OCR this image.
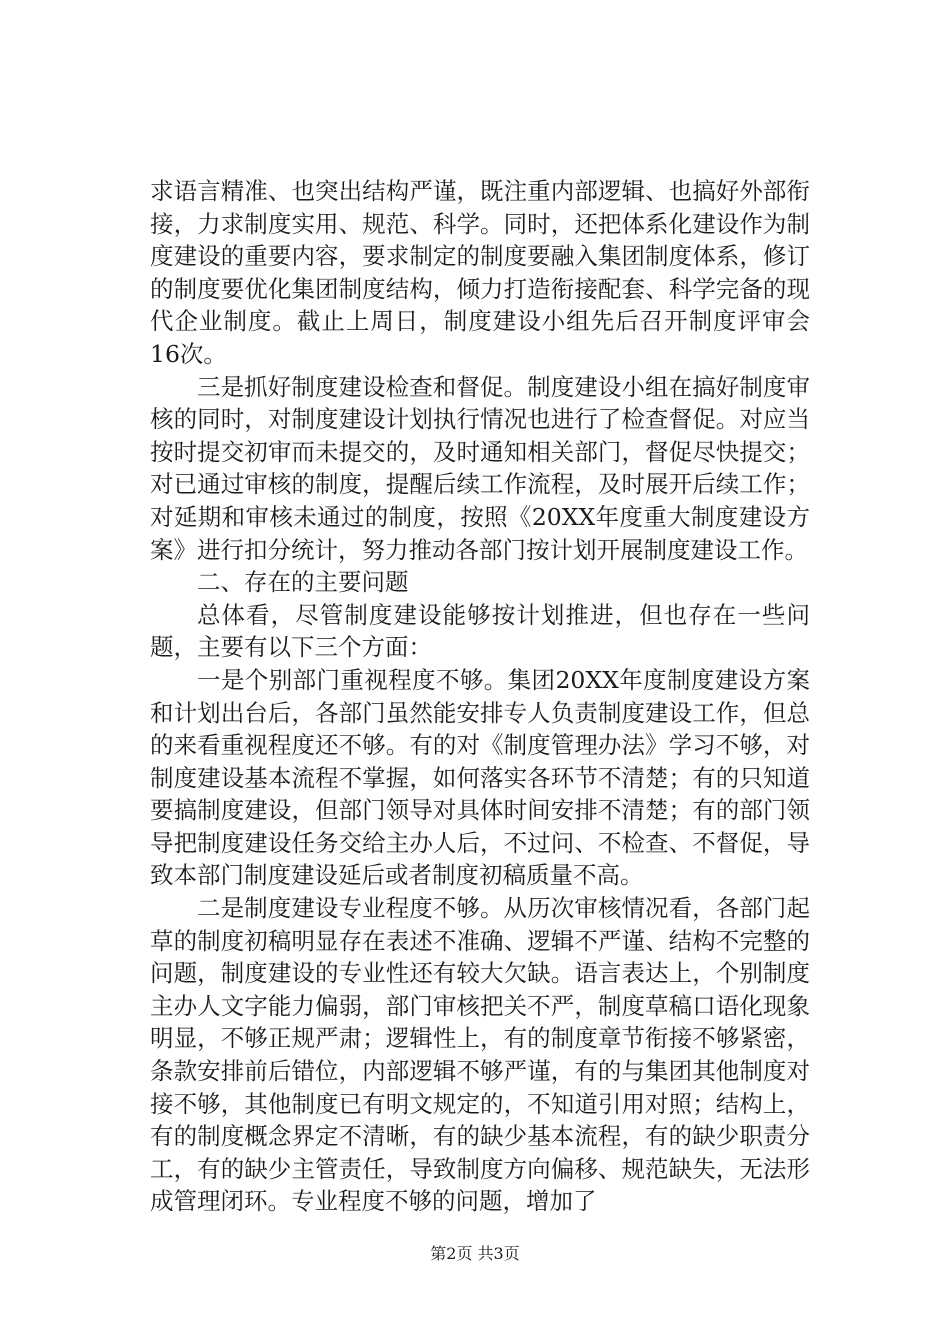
求语言精准、也突出结构严谨，既注重内部逻辑、也搞好外部衔接，力求制度实用、规范、科学。同时，还把体系化建设作为制度建设的重要内容，要求制定的制度要融入集团制度体系，修订的制度要优化集团制度结构，倾力打造衔接配套、科学完备的现代企业制度。截止上周日，制度建设小组先后召开制度评审会16次。

三是抓好制度建设检查和督促。制度建设小组在搞好制度审核的同时，对制度建设计划执行情况也进行了检查督促。对应当按时提交初审而未提交的，及时通知相关部门，督促尽快提交；对已通过审核的制度，提醒后续工作流程，及时展开后续工作；对延期和审核未通过的制度，按照《20XX年度重大制度建设方案》进行扣分统计，努力推动各部门按计划开展制度建设工作。

二、存在的主要问题

总体看，尽管制度建设能够按计划推进，但也存在一些问题，主要有以下三个方面：

一是个别部门重视程度不够。集团20XX年度制度建设方案和计划出台后，各部门虽然能安排专人负责制度建设工作，但总的来看重视程度还不够。有的对《制度管理办法》学习不够，对制度建设基本流程不掌握，如何落实各环节不清楚；有的只知道要搞制度建设，但部门领导对具体时间安排不清楚；有的部门领导把制度建设任务交给主办人后，不过问、不检查、不督促，导致本部门制度建设延后或者制度初稿质量不高。

二是制度建设专业程度不够。从历次审核情况看，各部门起草的制度初稿明显存在表述不准确、逻辑不严谨、结构不完整的问题，制度建设的专业性还有较大欠缺。语言表达上，个别制度主办人文字能力偏弱，部门审核把关不严，制度草稿口语化现象明显，不够正规严肃；逻辑性上，有的制度章节衔接不够紧密，条款安排前后错位，内部逻辑不够严谨，有的与集团其他制度对接不够，其他制度已有明文规定的，不知道引用对照；结构上，有的制度概念界定不清晰，有的缺少基本流程，有的缺少职责分工，有的缺少主管责任，导致制度方向偏移、规范缺失，无法形成管理闭环。专业程度不够的问题，增加了

第2页 共3页
